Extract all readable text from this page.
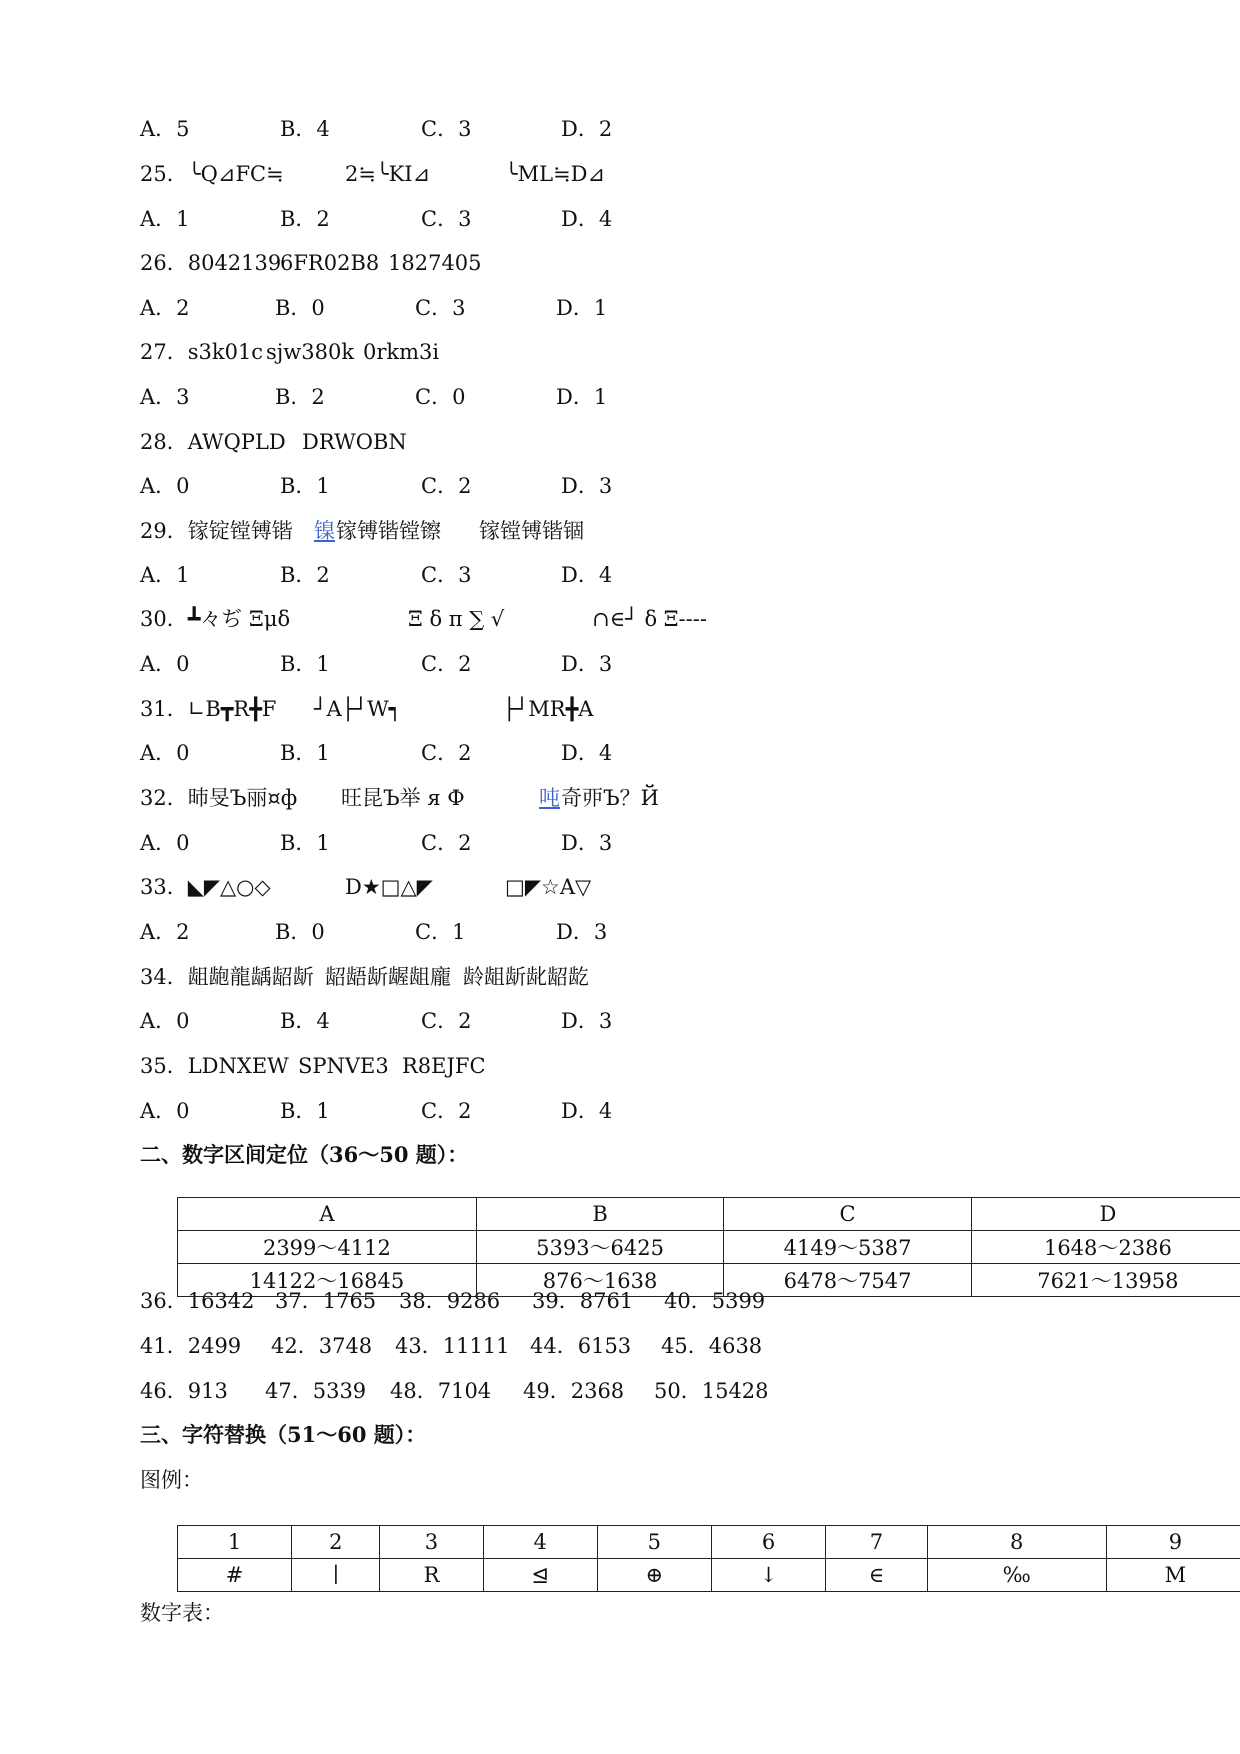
A．5	B．4	C．3	D．2
25． ╰Q⊿FC≒	2≒╰KI⊿	╰ML≒D⊿
A．1	B．2	C．3	D．4
26．8042139
6FR02B8 1827405
A．2	B．0	C．3	D．1
27．s3k01c sjw380k 0rkm3i
A．3	B．2	C．0	D．1
28．AWQPLD DRWOBN
A．0	B．1	C．2	D．3
29．镓锭镗镈锴 镍 镓镈锴镗镲 镓镗镈锴锢
A．1	B．2	C．3	D．4
30．┻々ぢ Ξμδ	Ξ δ π ∑ √	∩∈┘ δ Ξ----
A．0	B．1	C．2	D．3
31．∟B┳R╋F ┘A├┘W┑	├┘MR╋A
A．0	B．1	C．2	D．4
32．昁旻Ъ丽¤ф 旺昆Ъ举 я Ф	吨 奇丣Ъ？Й
A．0	B．1	C．2	D．3
33．◣◤△○◇	D★□△◤	□◤☆A▽
A．2	B．0	C．1	D．3
34．龃龅龍龋龆龂 龆龉龂龌龃龐 龄龃龂龀龆龁
A．0	B．4	C．2	D．3
35．LDNXEW SPNVE3 R8EJFC
A．0	B．1	C．2	D．4
二、数字区间定位（36～50 题）：
36．16342 37．1765 38．9286 39．8761 40．5399
41．2499 42．3748 43．11111 44．6153 45．4638
46．913 47．5339 48．7104 49．2368 50．15428
三、字符替换（51～60 题）：
图例：
A	B	C	D
2399～4112	5393～6425	4149～5387	1648～2386
14122～16845	876～1638	6478～7547	7621～13958
1	2	3	4	5	6	7	8	9
#	∣	R	⊴	⊕	↓	∈	‰	M
数字表：
